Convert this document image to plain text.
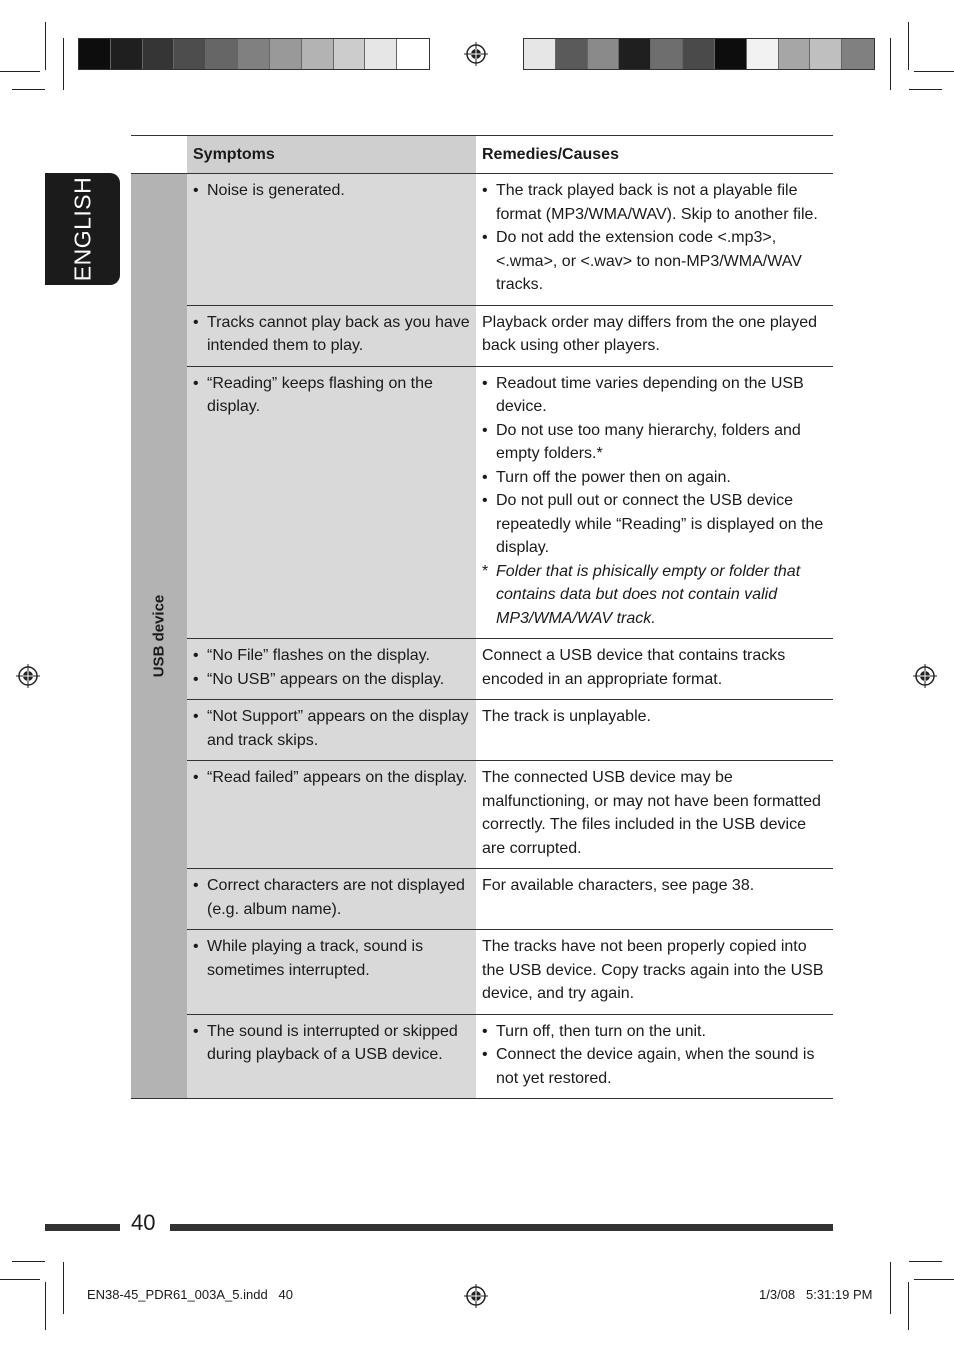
ENGLISH
Symptoms	Remedies/Causes
USB device
• Noise is generated.
•	The track played back is not a playable file format (MP3/WMA/WAV). Skip to another file.
• Do not add the extension code <.mp3>, <.wma>, or <.wav> to non-MP3/WMA/WAV tracks.
• Tracks cannot play back as you have intended them to play.
Playback order may differs from the one played back using other players.
• “Reading” keeps flashing on the display.
• Readout time varies depending on the USB device.
• Do not use too many hierarchy, folders and empty folders.*
• Turn off the power then on again.
• Do not pull out or connect the USB device repeatedly while “Reading” is displayed on the display.
* Folder that is phisically empty or folder that contains data but does not contain valid MP3/WMA/WAV track.
• “No File” flashes on the display.
• “No USB” appears on the display.
Connect a USB device that contains tracks encoded in an appropriate format.
• “Not Support” appears on the display and track skips.
The track is unplayable.
• “Read failed” appears on the display. The connected USB device may be malfunctioning, or may not have been formatted correctly. The files included in the USB device are corrupted.
• Correct characters are not displayed (e.g. album name).
For available characters, see page 38.
• While playing a track, sound is sometimes interrupted.
The tracks have not been properly copied into the USB device. Copy tracks again into the USB device, and try again.
• The sound is interrupted or skipped during playback of a USB device.
• Turn off, then turn on the unit.
• Connect the device again, when the sound is not yet restored.
40
EN38-45_PDR61_003A_5.indd   40	1/3/08   5:31:19 PM
